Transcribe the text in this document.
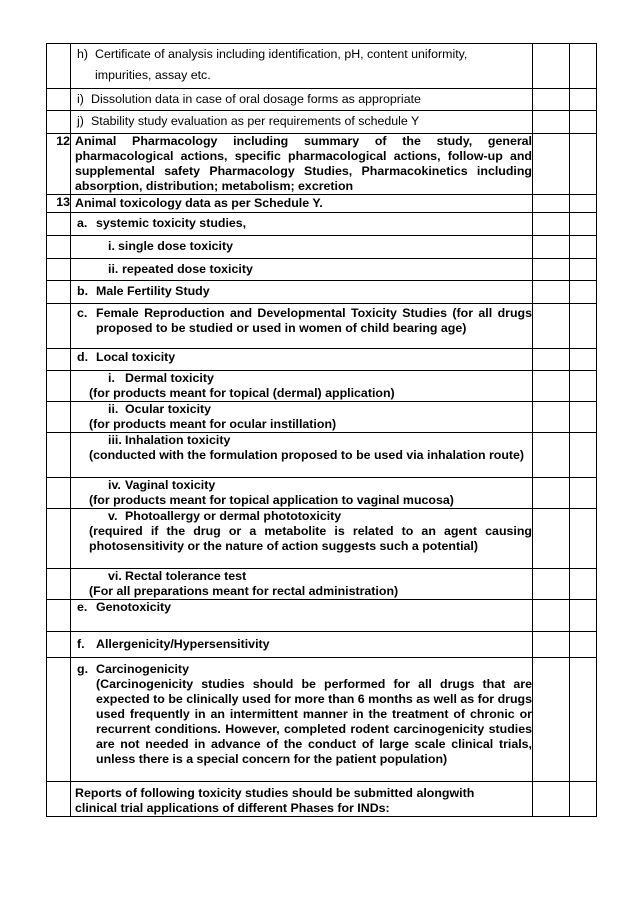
	h) Certificate of analysis including identification, pH, content uniformity,
impurities, assay etc.		

	i) Dissolution data in case of oral dosage forms as appropriate		

	j) Stability study evaluation as per requirements of schedule Y		

12	Animal Pharmacology including summary of the study, general pharmacological actions, specific pharmacological actions, follow-up and supplemental safety Pharmacology Studies, Pharmacokinetics including absorption, distribution; metabolism; excretion		
13	Animal toxicology data as per Schedule Y.		

	a. systemic toxicity studies,		

	i. single dose toxicity		

	ii. repeated dose toxicity		

	b. Male Fertility Study		

	c. Female Reproduction and Developmental Toxicity Studies (for all drugs proposed to be studied or used in women of child bearing age)		

	d. Local toxicity		

	i. Dermal toxicity
(for products meant for topical (dermal) application)		

	ii. Ocular toxicity
(for products meant for ocular instillation)		

	iii. Inhalation toxicity
(conducted with the formulation proposed to be used via inhalation route)		

	iv. Vaginal toxicity
(for products meant for topical application to vaginal mucosa)		

	v. Photoallergy or dermal phototoxicity
(required if the drug or a metabolite is related to an agent causing photosensitivity or the nature of action suggests such a potential)		

	vi. Rectal tolerance test
(For all preparations meant for rectal administration)		

	e. Genotoxicity		

	f. Allergenicity/Hypersensitivity		

	g. Carcinogenicity
(Carcinogenicity studies should be performed for all drugs that are expected to be clinically used for more than 6 months as well as for drugs used frequently in an intermittent manner in the treatment of chronic or recurrent conditions. However, completed rodent carcinogenicity studies are not needed in advance of the conduct of large scale clinical trials, unless there is a special concern for the patient population)		

	Reports of following toxicity studies should be submitted alongwith clinical trial applications of different Phases for INDs:		
